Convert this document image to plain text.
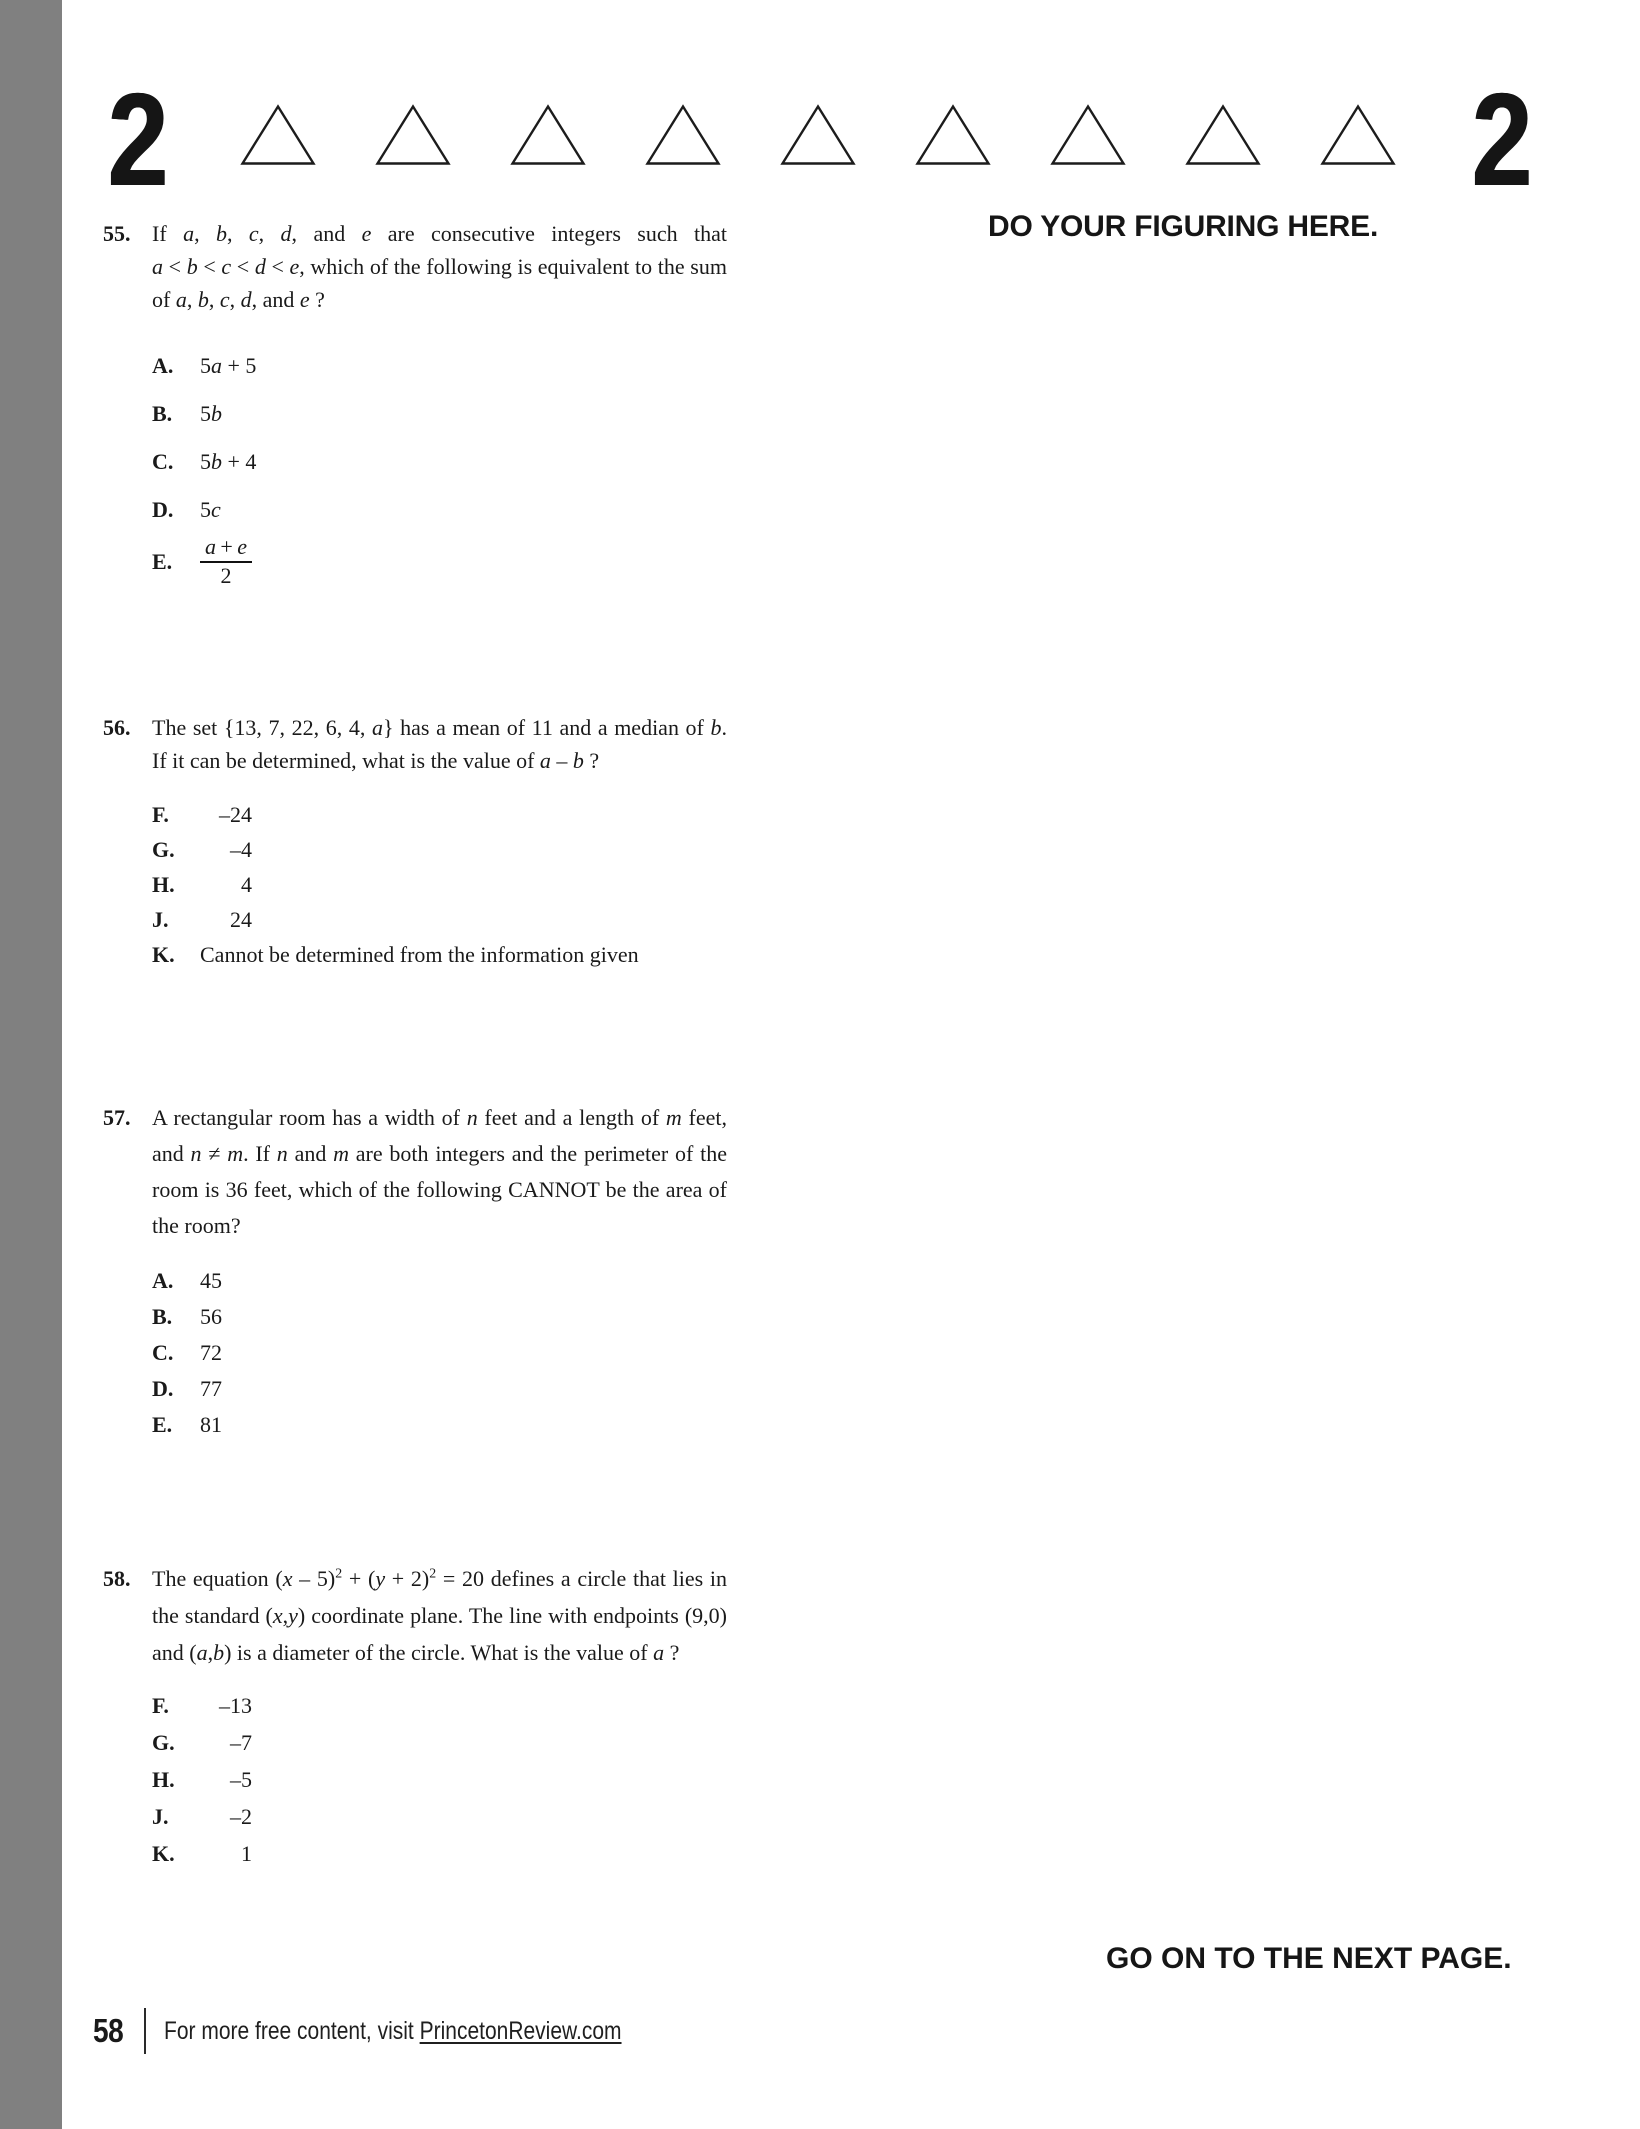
2	2
DO YOUR FIGURING HERE.
55. If a, b, c, d, and e are consecutive integers such that a < b < c < d < e, which of the following is equivalent to the sum of a, b, c, d, and e ?

A.	5a + 5
B.	5b
C.	5b + 4
D.	5c
E.	$\frac{a + e}{2}$
56. The set {13, 7, 22, 6, 4, a} has a mean of 11 and a median of b. If it can be determined, what is the value of a – b ?

F.	–24
G.	–4
H.	4
J.	24
K.	Cannot be determined from the information given
57. A rectangular room has a width of n feet and a length of m feet, and n ≠ m. If n and m are both integers and the perimeter of the room is 36 feet, which of the following CANNOT be the area of the room?

A.	45
B.	56
C.	72
D.	77
E.	81
58. The equation $(x - 5)^2 + (y + 2)^2 = 20$ defines a circle that lies in the standard (x,y) coordinate plane. The line with endpoints (9,0) and (a,b) is a diameter of the circle. What is the value of a ?

F.	–13
G.	–7
H.	–5
J.	–2
K.	1
GO ON TO THE NEXT PAGE.
58 For more free content, visit PrincetonReview.com
